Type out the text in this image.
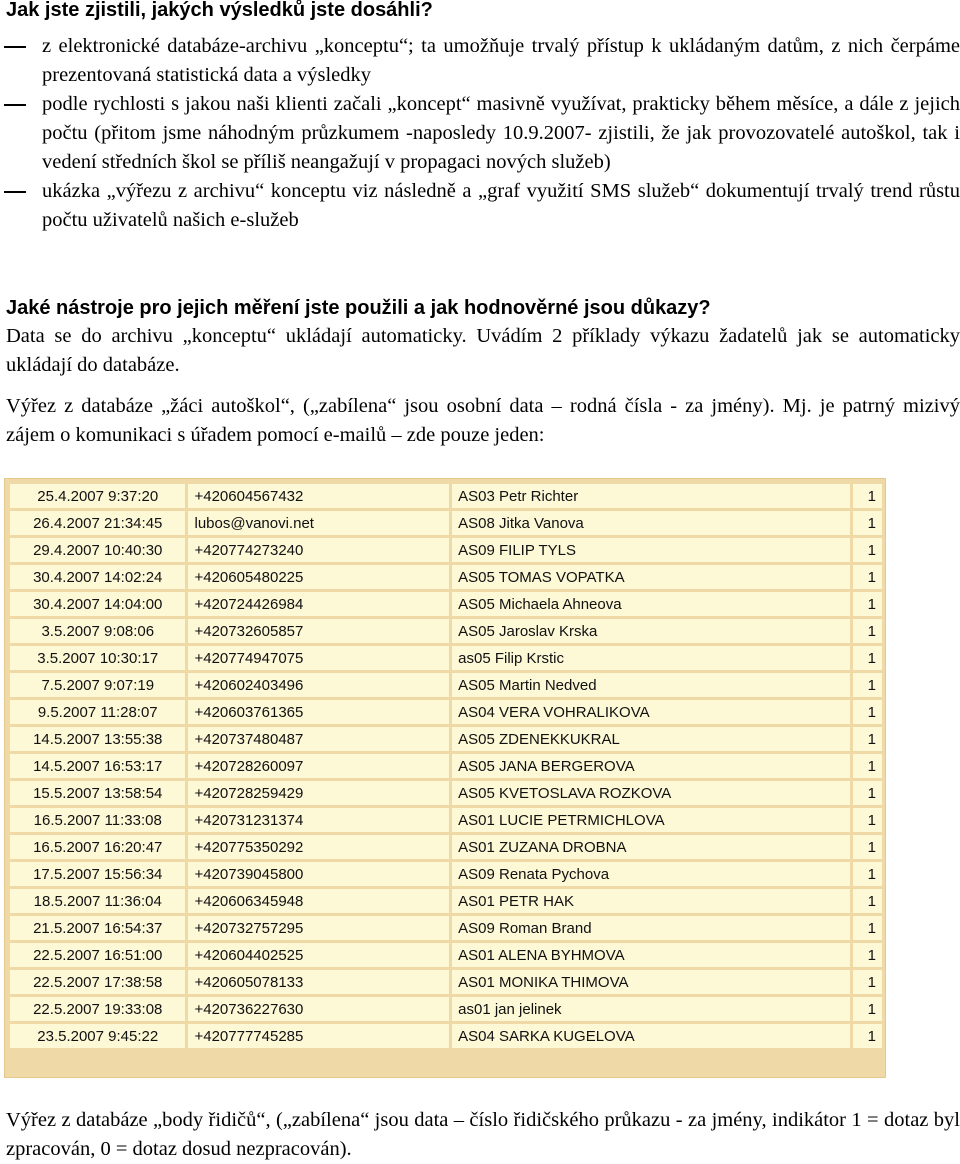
Jak jste zjistili, jakých výsledků jste dosáhli?
z elektronické databáze-archivu „konceptu“; ta umožňuje trvalý přístup k ukládaným datům, z nich čerpáme prezentovaná statistická data a výsledky
podle rychlosti s jakou naši klienti začali „koncept“ masivně využívat, prakticky během měsíce, a dále z jejich počtu (přitom jsme náhodným průzkumem -naposledy 10.9.2007- zjistili, že jak provozovatelé autoškol, tak i vedení středních škol se příliš neangažují v propagaci nových služeb)
ukázka „výřezu z archivu“ konceptu viz následně a „graf využití SMS služeb“ dokumentují trvalý trend růstu počtu uživatelů našich e-služeb
Jaké nástroje pro jejich měření jste použili a jak hodnověrné jsou důkazy?

Data se do archivu „konceptu“ ukládají automaticky. Uvádím 2 příklady výkazu žadatelů jak se automaticky ukládají do databáze.

Výřez z databáze „žáci autoškol“, („zabílena“ jsou osobní data – rodná čísla - za jmény). Mj. je patrný mizivý zájem o komunikaci s úřadem pomocí e-mailů – zde pouze jeden:

25.4.2007 9:37:20	+420604567432	AS03 Petr Richter	1
26.4.2007 21:34:45	lubos@vanovi.net	AS08 Jitka Vanova	1
29.4.2007 10:40:30	+420774273240	AS09 FILIP TYLS	1
30.4.2007 14:02:24	+420605480225	AS05 TOMAS VOPATKA	1
30.4.2007 14:04:00	+420724426984	AS05 Michaela Ahneova	1
3.5.2007 9:08:06	+420732605857	AS05 Jaroslav Krska	1
3.5.2007 10:30:17	+420774947075	as05 Filip Krstic	1
7.5.2007 9:07:19	+420602403496	AS05 Martin Nedved	1
9.5.2007 11:28:07	+420603761365	AS04 VERA VOHRALIKOVA	1
14.5.2007 13:55:38	+420737480487	AS05 ZDENEKKUKRAL	1
14.5.2007 16:53:17	+420728260097	AS05 JANA BERGEROVA	1
15.5.2007 13:58:54	+420728259429	AS05 KVETOSLAVA ROZKOVA	1
16.5.2007 11:33:08	+420731231374	AS01 LUCIE PETRMICHLOVA	1
16.5.2007 16:20:47	+420775350292	AS01 ZUZANA DROBNA	1
17.5.2007 15:56:34	+420739045800	AS09 Renata Pychova	1
18.5.2007 11:36:04	+420606345948	AS01 PETR HAK	1
21.5.2007 16:54:37	+420732757295	AS09 Roman Brand	1
22.5.2007 16:51:00	+420604402525	AS01 ALENA BYHMOVA	1
22.5.2007 17:38:58	+420605078133	AS01 MONIKA THIMOVA	1
22.5.2007 19:33:08	+420736227630	as01 jan jelinek	1
23.5.2007 9:45:22	+420777745285	AS04 SARKA KUGELOVA	1

Výřez z databáze „body řidičů“, („zabílena“ jsou data – číslo řidičského průkazu - za jmény, indikátor 1 = dotaz byl zpracován, 0 = dotaz dosud nezpracován).
